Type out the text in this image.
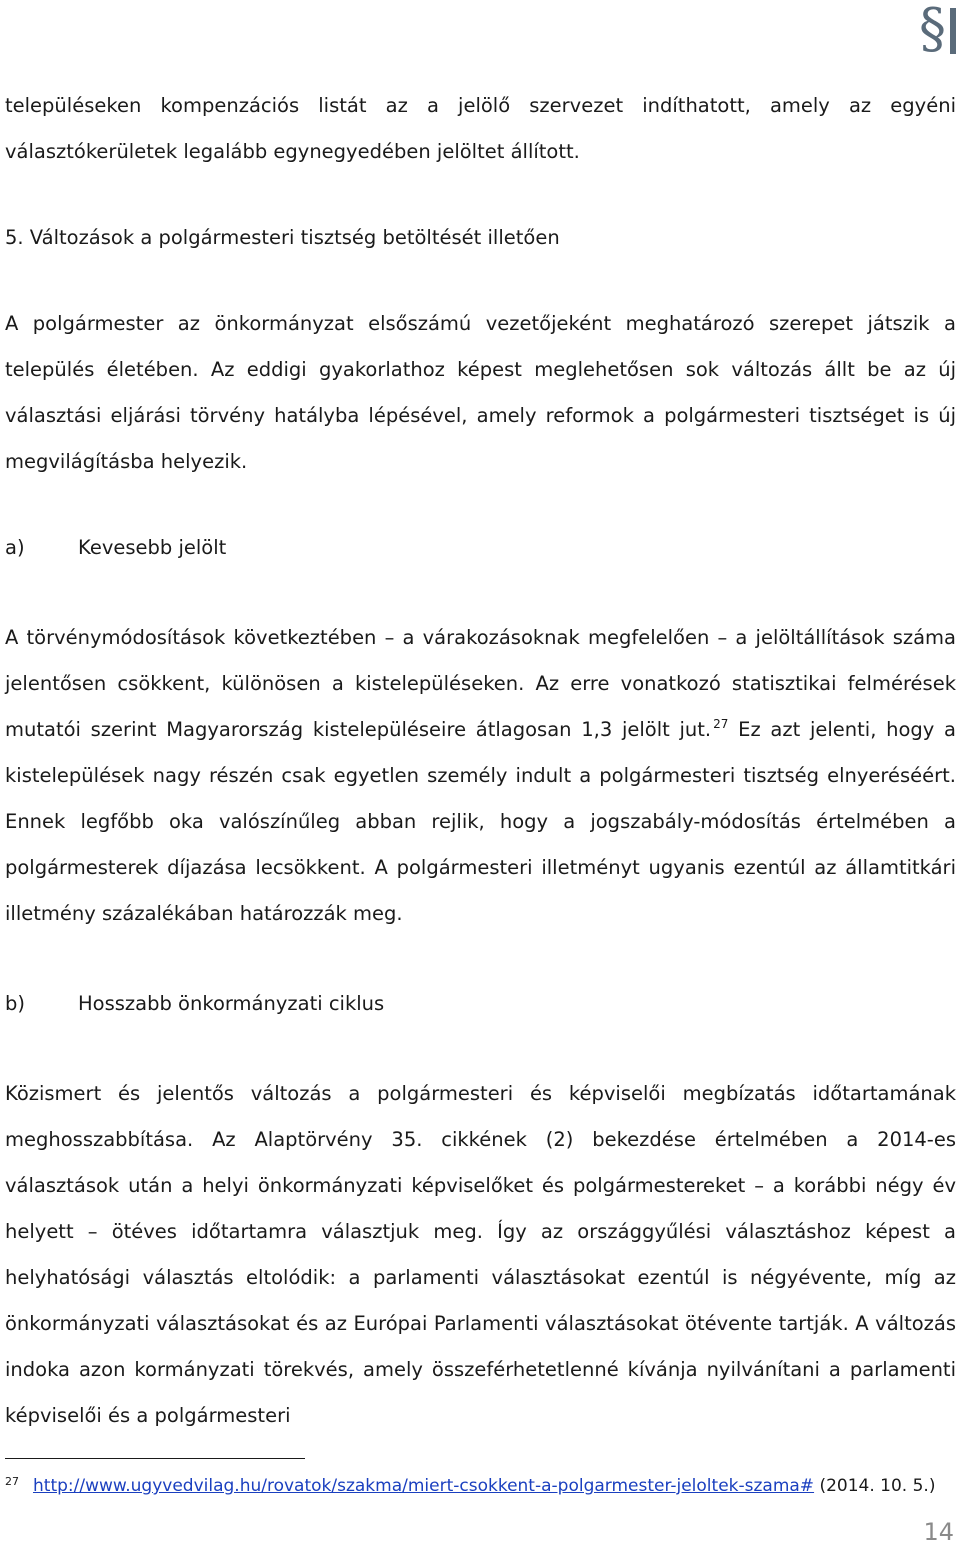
§

településeken kompenzációs listát az a jelölő szervezet indíthatott, amely az egyéni választókerületek legalább egynegyedében jelöltet állított.

5. Változások a polgármesteri tisztség betöltését illetően

A polgármester az önkormányzat elsőszámú vezetőjeként meghatározó szerepet játszik a település életében. Az eddigi gyakorlathoz képest meglehetősen sok változás állt be az új választási eljárási törvény hatályba lépésével, amely reformok a polgármesteri tisztséget is új megvilágításba helyezik.

a)	Kevesebb jelölt

A törvénymódosítások következtében – a várakozásoknak megfelelően – a jelöltállítások száma jelentősen csökkent, különösen a kistelepüléseken. Az erre vonatkozó statisztikai felmérések mutatói szerint Magyarország kistelepüléseire átlagosan 1,3 jelölt jut. $^{27}$ Ez azt jelenti, hogy a kistelepülések nagy részén csak egyetlen személy indult a polgármesteri tisztség elnyeréséért. Ennek legfőbb oka valószínűleg abban rejlik, hogy a jogszabály-módosítás értelmében a polgármesterek díjazása lecsökkent. A polgármesteri illetményt ugyanis ezentúl az államtitkári illetmény százalékában határozzák meg.

b)	Hosszabb önkormányzati ciklus

Közismert és jelentős változás a polgármesteri és képviselői megbízatás időtartamának meghosszabbítása. Az Alaptörvény 35. cikkének (2) bekezdése értelmében a 2014-es választások után a helyi önkormányzati képviselőket és polgármestereket – a korábbi négy év helyett – ötéves időtartamra választjuk meg. Így az országgyűlési választáshoz képest a helyhatósági választás eltolódik: a parlamenti választásokat ezentúl is négyévente, míg az önkormányzati választásokat és az Európai Parlamenti választásokat ötévente tartják. A változás indoka azon kormányzati törekvés, amely összeférhetetlenné kívánja nyilvánítani a parlamenti képviselői és a polgármesteri

$^{27}$ http://www.ugyvedvilag.hu/rovatok/szakma/miert-csokkent-a-polgarmester-jeloltek-szama# (2014. 10. 5.)
14
